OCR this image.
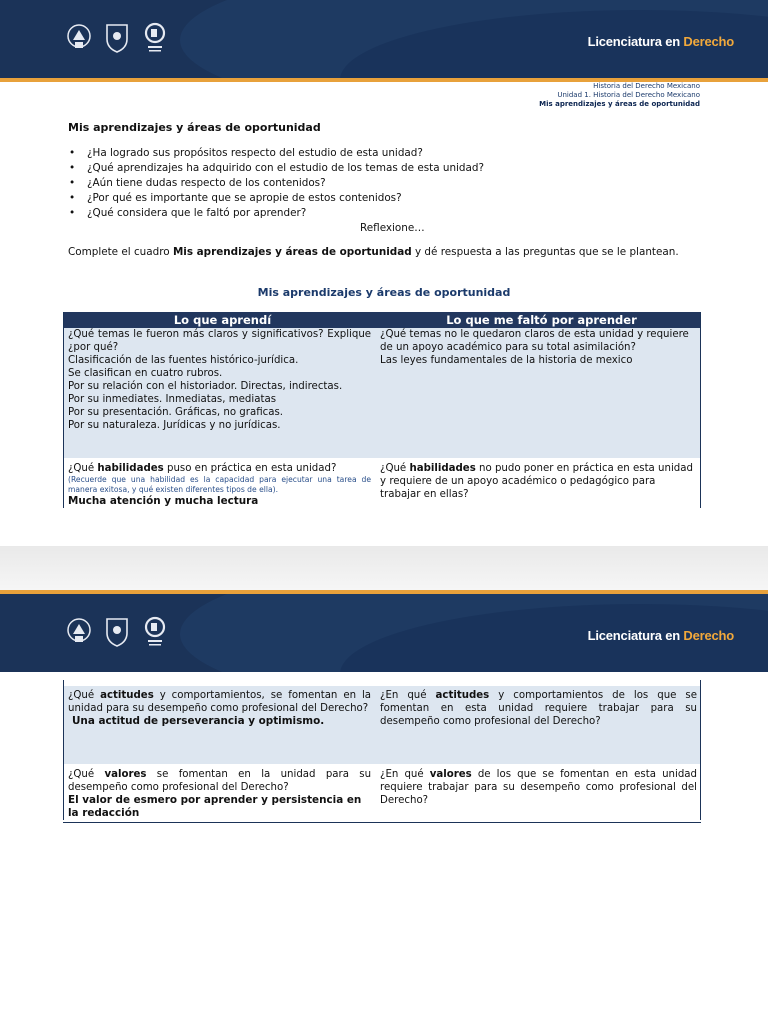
Licenciatura en Derecho
Historia del Derecho Mexicano
Unidad 1. Historia del Derecho Mexicano
Mis aprendizajes y áreas de oportunidad
Mis aprendizajes y áreas de oportunidad
• ¿Ha logrado sus propósitos respecto del estudio de esta unidad?
• ¿Qué aprendizajes ha adquirido con el estudio de los temas de esta unidad?
• ¿Aún tiene dudas respecto de los contenidos?
• ¿Por qué es importante que se apropie de estos contenidos?
• ¿Qué considera que le faltó por aprender?
Reflexione…
Complete el cuadro Mis aprendizajes y áreas de oportunidad y dé respuesta a las preguntas que se le plantean.
Mis aprendizajes y áreas de oportunidad
Lo que aprendí	Lo que me faltó por aprender
¿Qué temas le fueron más claros y significativos? Explique ¿por qué?
Clasificación de las fuentes histórico-jurídica.
Se clasifican en cuatro rubros.
Por su relación con el historiador. Directas, indirectas.
Por su inmediates. Inmediatas, mediatas
Por su presentación. Gráficas, no graficas.
Por su naturaleza. Jurídicas y no jurídicas.
¿Qué temas no le quedaron claros de esta unidad y requiere de un apoyo académico para su total asimilación?
Las leyes fundamentales de la historia de mexico
¿Qué habilidades puso en práctica en esta unidad?
(Recuerde que una habilidad es la capacidad para ejecutar una tarea de manera exitosa, y qué existen diferentes tipos de ella).
Mucha atención y mucha lectura
¿Qué habilidades no pudo poner en práctica en esta unidad y requiere de un apoyo académico o pedagógico para trabajar en ellas?
Licenciatura en Derecho
¿Qué actitudes y comportamientos, se fomentan en la unidad para su desempeño como profesional del Derecho?
Una actitud de perseverancia y optimismo.
¿En qué actitudes y comportamientos de los que se fomentan en esta unidad requiere trabajar para su desempeño como profesional del Derecho?
¿Qué valores se fomentan en la unidad para su desempeño como profesional del Derecho?
El valor de esmero por aprender y persistencia en la redacción
¿En qué valores de los que se fomentan en esta unidad requiere trabajar para su desempeño como profesional del Derecho?
